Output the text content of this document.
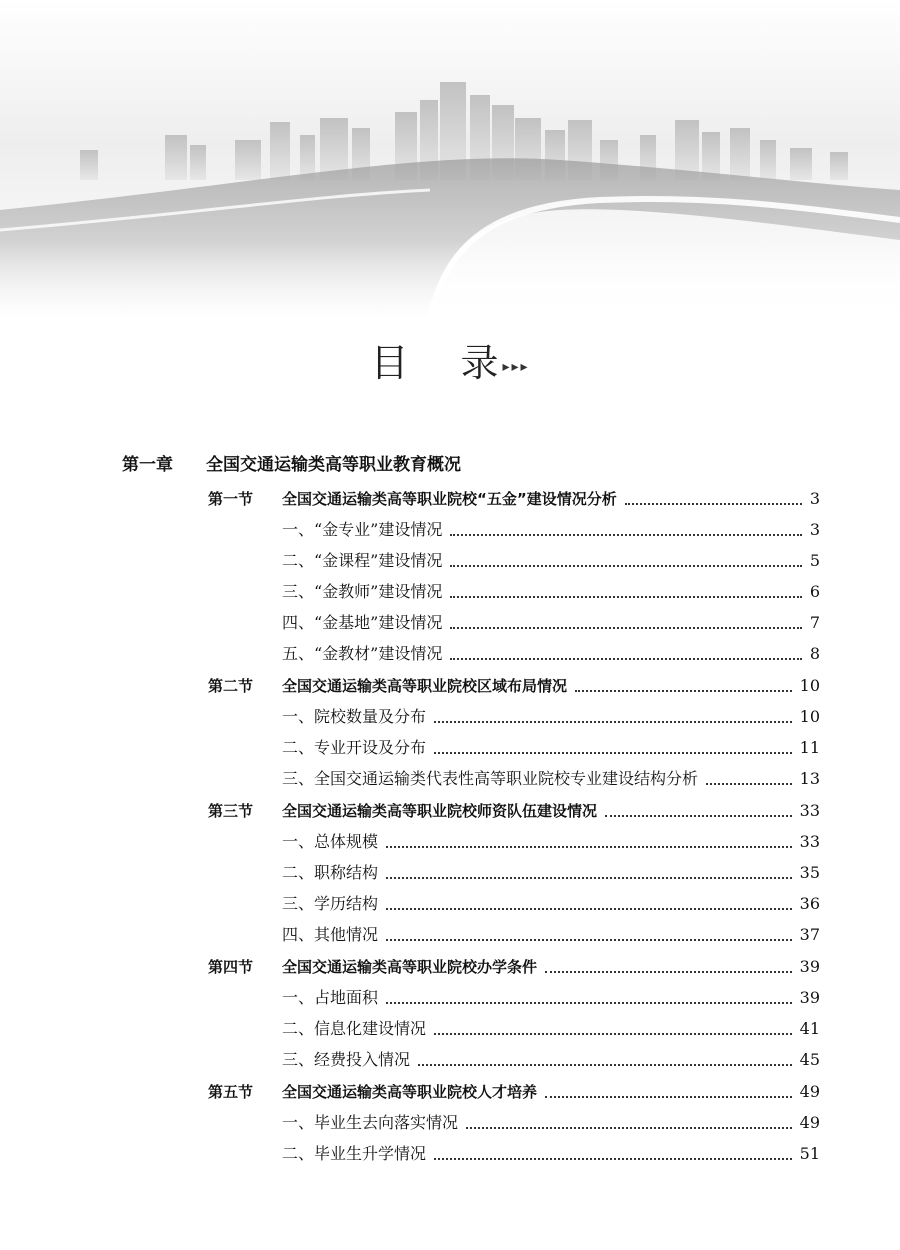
目 录 ▸▸▸
第一章 全国交通运输类高等职业教育概况
第一节	全国交通运输类高等职业院校“五金”建设情况分析	3
一、“金专业”建设情况	3
二、“金课程”建设情况	5
三、“金教师”建设情况	6
四、“金基地”建设情况	7
五、“金教材”建设情况	8
第二节	全国交通运输类高等职业院校区域布局情况	10
一、院校数量及分布	10
二、专业开设及分布	11
三、全国交通运输类代表性高等职业院校专业建设结构分析	13
第三节	全国交通运输类高等职业院校师资队伍建设情况	33
一、总体规模	33
二、职称结构	35
三、学历结构	36
四、其他情况	37
第四节	全国交通运输类高等职业院校办学条件	39
一、占地面积	39
二、信息化建设情况	41
三、经费投入情况	45
第五节	全国交通运输类高等职业院校人才培养	49
一、毕业生去向落实情况	49
二、毕业生升学情况	51
